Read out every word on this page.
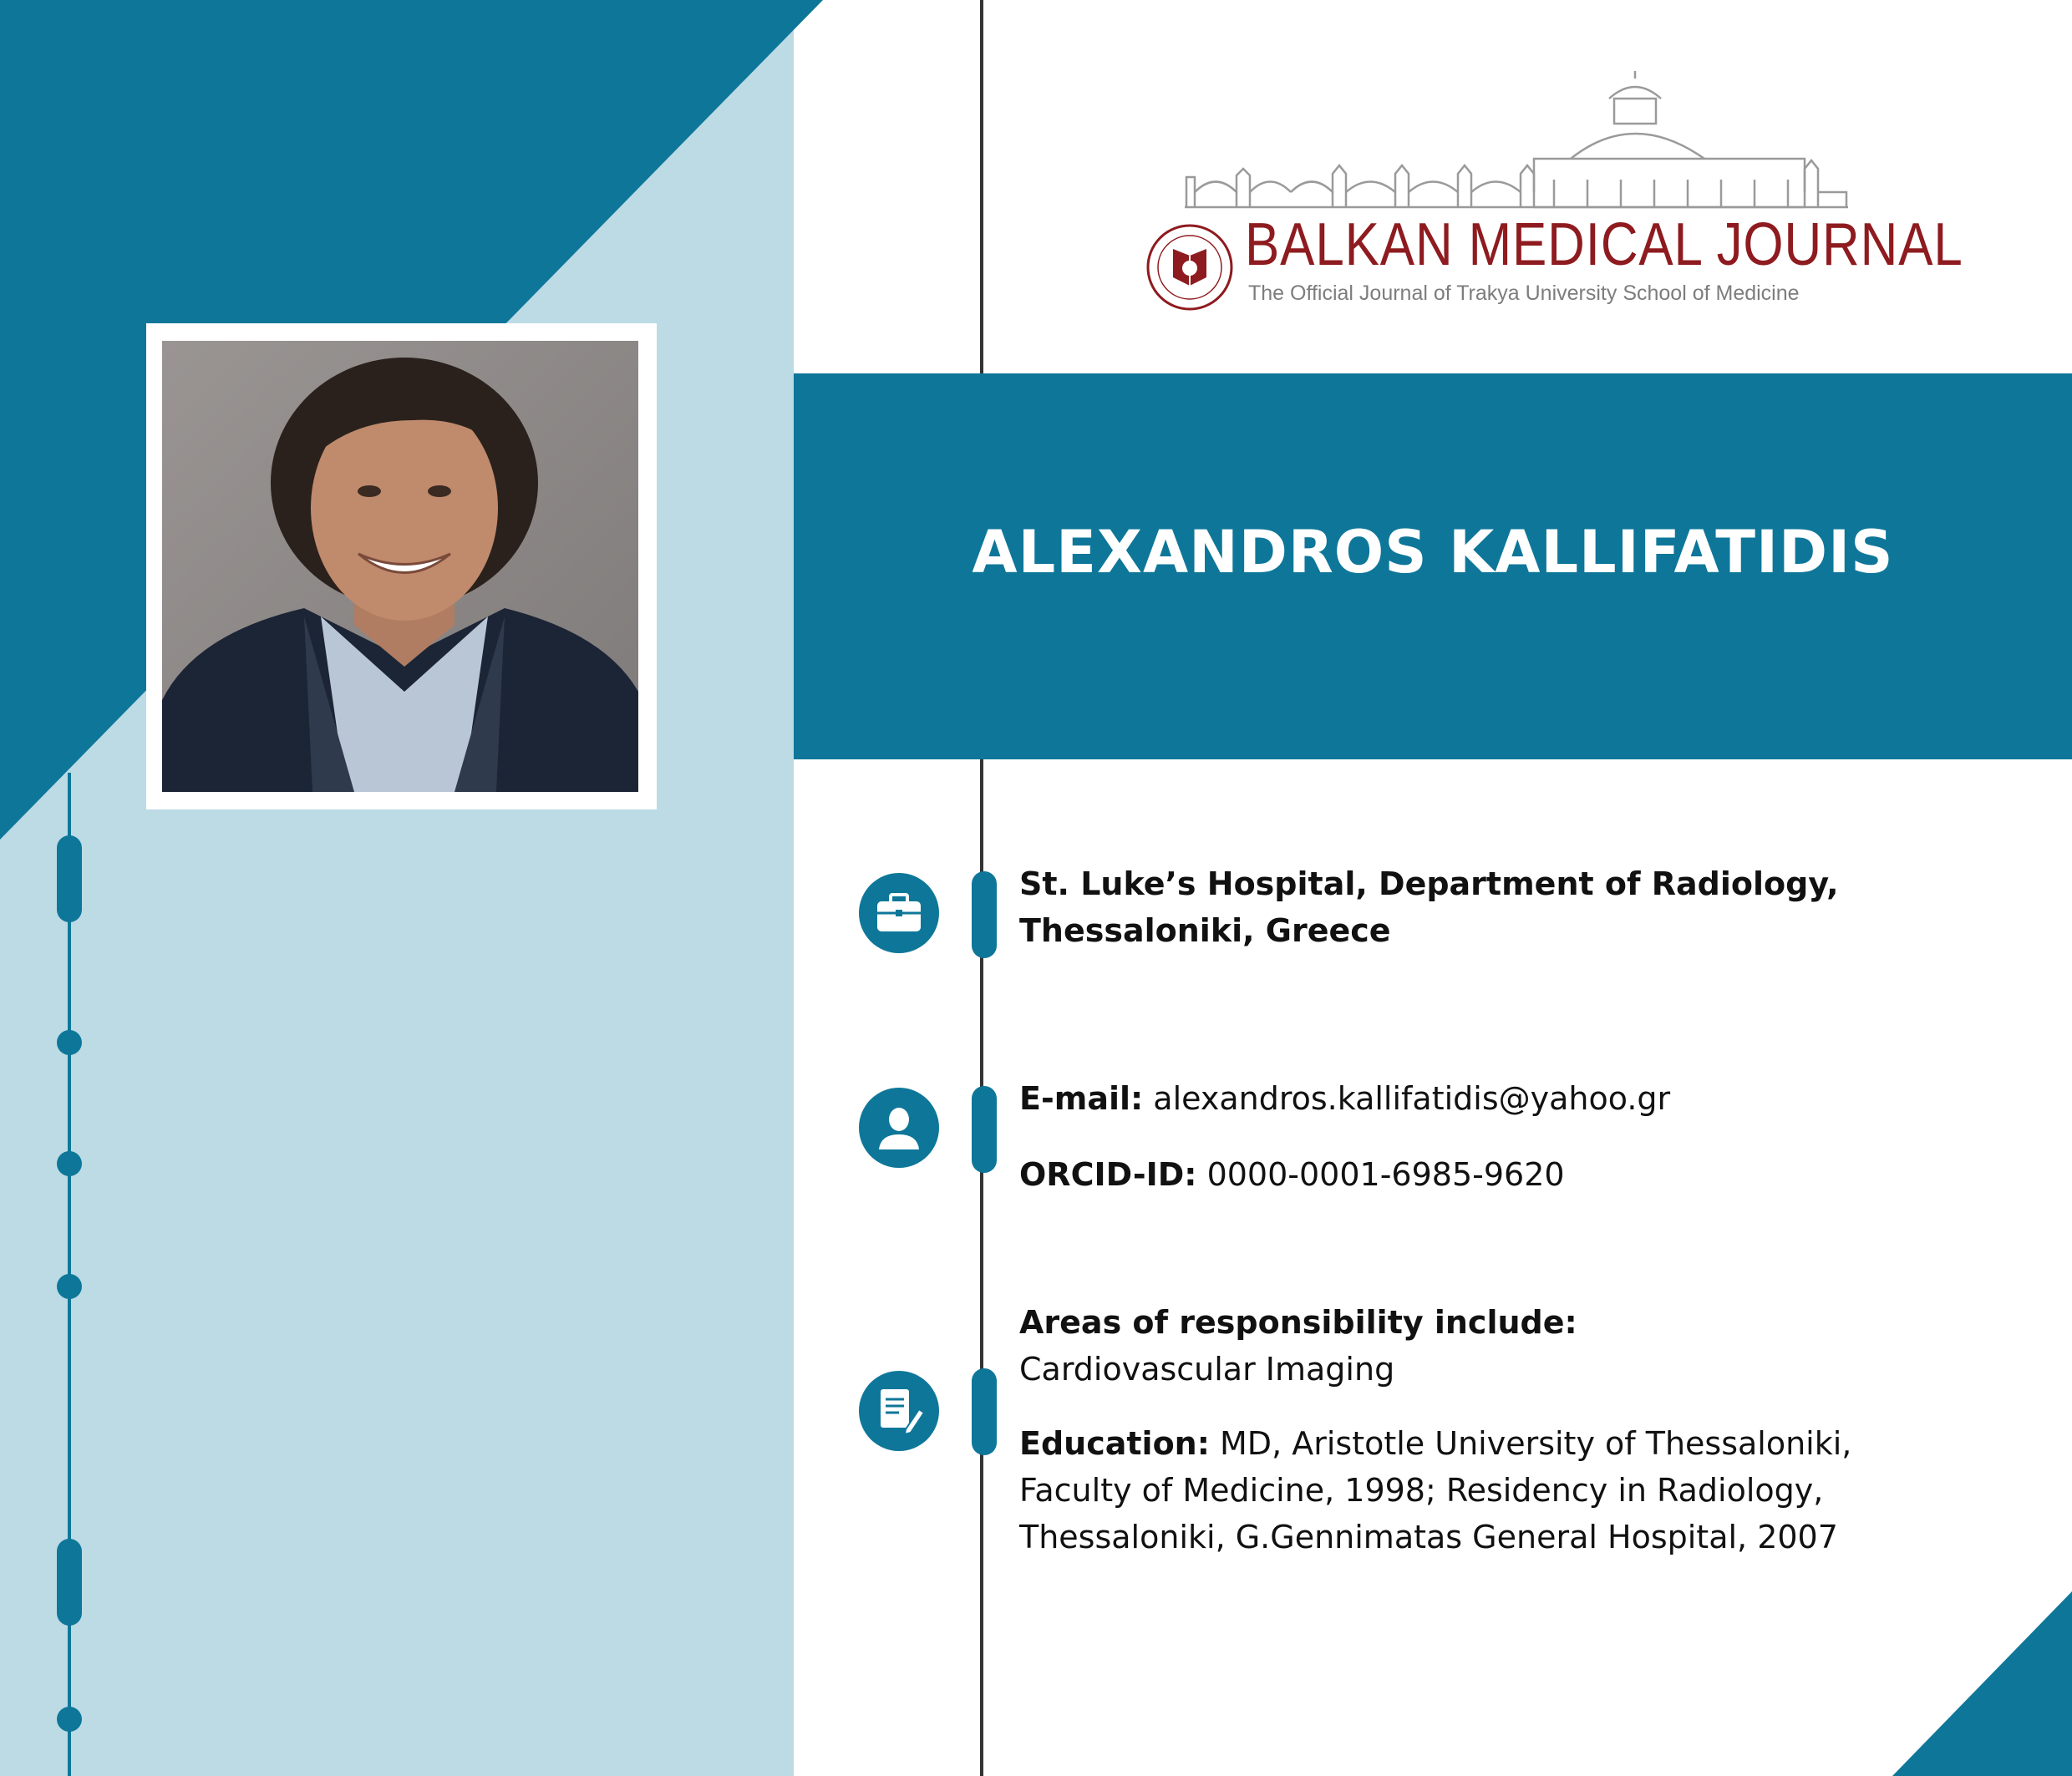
BALKAN MEDICAL JOURNAL
The Official Journal of Trakya University School of Medicine
ALEXANDROS KALLIFATIDIS
St. Luke’s Hospital, Department of Radiology,
Thessaloniki, Greece
E-mail: alexandros.kallifatidis@yahoo.gr
ORCID-ID: 0000-0001-6985-9620
Areas of responsibility include:
Cardiovascular Imaging
Education: MD, Aristotle University of Thessaloniki,
Faculty of Medicine, 1998; Residency in Radiology,
Thessaloniki, G.Gennimatas General Hospital, 2007
